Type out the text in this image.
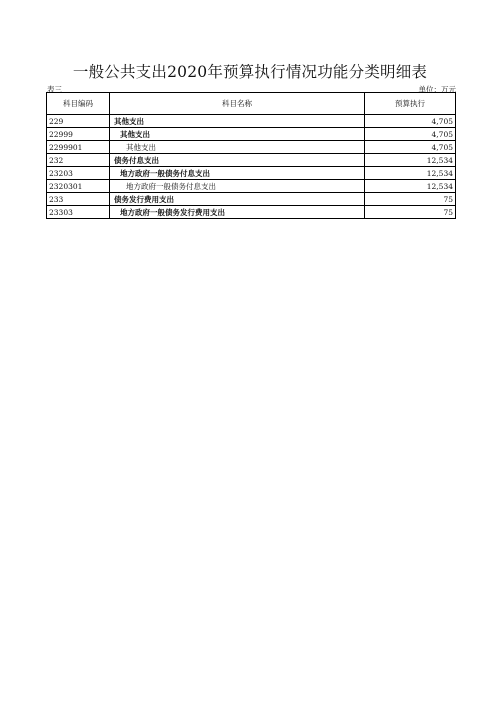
一般公共支出2020年预算执行情况功能分类明细表
表三	单位：万元
科目编码	科目名称	预算执行
229	其他支出	4,705
22999	其他支出	4,705
2299901	其他支出	4,705
232	债务付息支出	12,534
23203	地方政府一般债务付息支出	12,534
2320301	地方政府一般债务付息支出	12,534
233	债务发行费用支出	75
23303	地方政府一般债务发行费用支出	75
